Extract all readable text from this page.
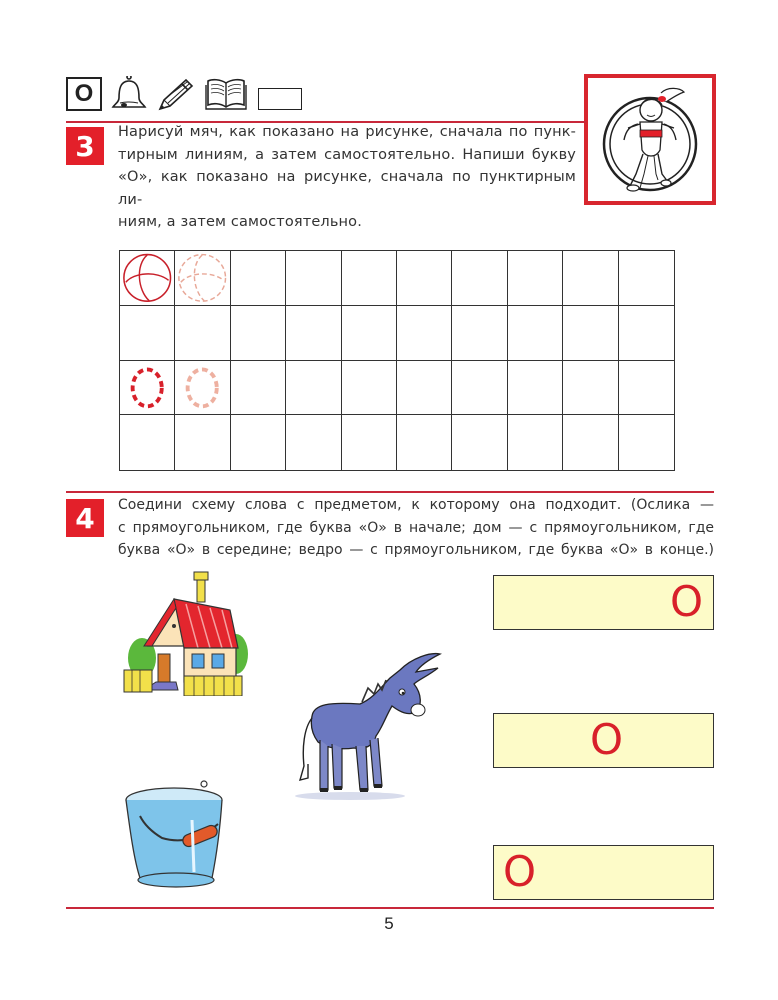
О
3	Нарисуй мяч, как показано на рисунке, сначала по пунк-
тирным линиям, а затем самостоятельно. Напиши букву
«О», как показано на рисунке, сначала по пунктирным ли-
ниям, а затем самостоятельно.
4	Соедини схему слова с предметом, к которому она подходит. (Ослика —
с прямоугольником, где буква «О» в начале; дом — с прямоугольником, где
буква «О» в середине; ведро — с прямоугольником, где буква «О» в конце.)
О
О
О
5
